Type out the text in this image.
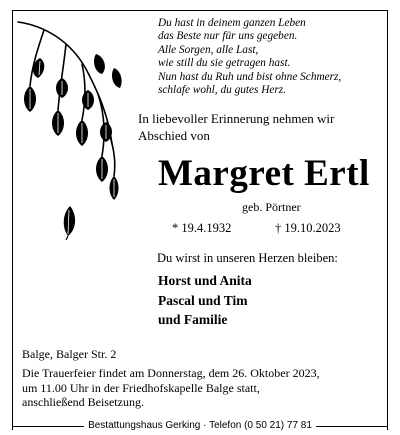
Du hast in deinem ganzen Leben
das Beste nur für uns gegeben.
Alle Sorgen, alle Last,
wie still du sie getragen hast.
Nun hast du Ruh und bist ohne Schmerz,
schlafe wohl, du gutes Herz.
In liebevoller Erinnerung nehmen wir
Abschied von
Margret Ertl
geb. Pörtner
* 19.4.1932	† 19.10.2023
Du wirst in unseren Herzen bleiben:
Horst und Anita
Pascal und Tim
und Familie
Balge, Balger Str. 2
Die Trauerfeier findet am Donnerstag, dem 26. Oktober 2023,
um 11.00 Uhr in der Friedhofskapelle Balge statt,
anschließend Beisetzung.
Bestattungshaus Gerking · Telefon (0 50 21) 77 81
